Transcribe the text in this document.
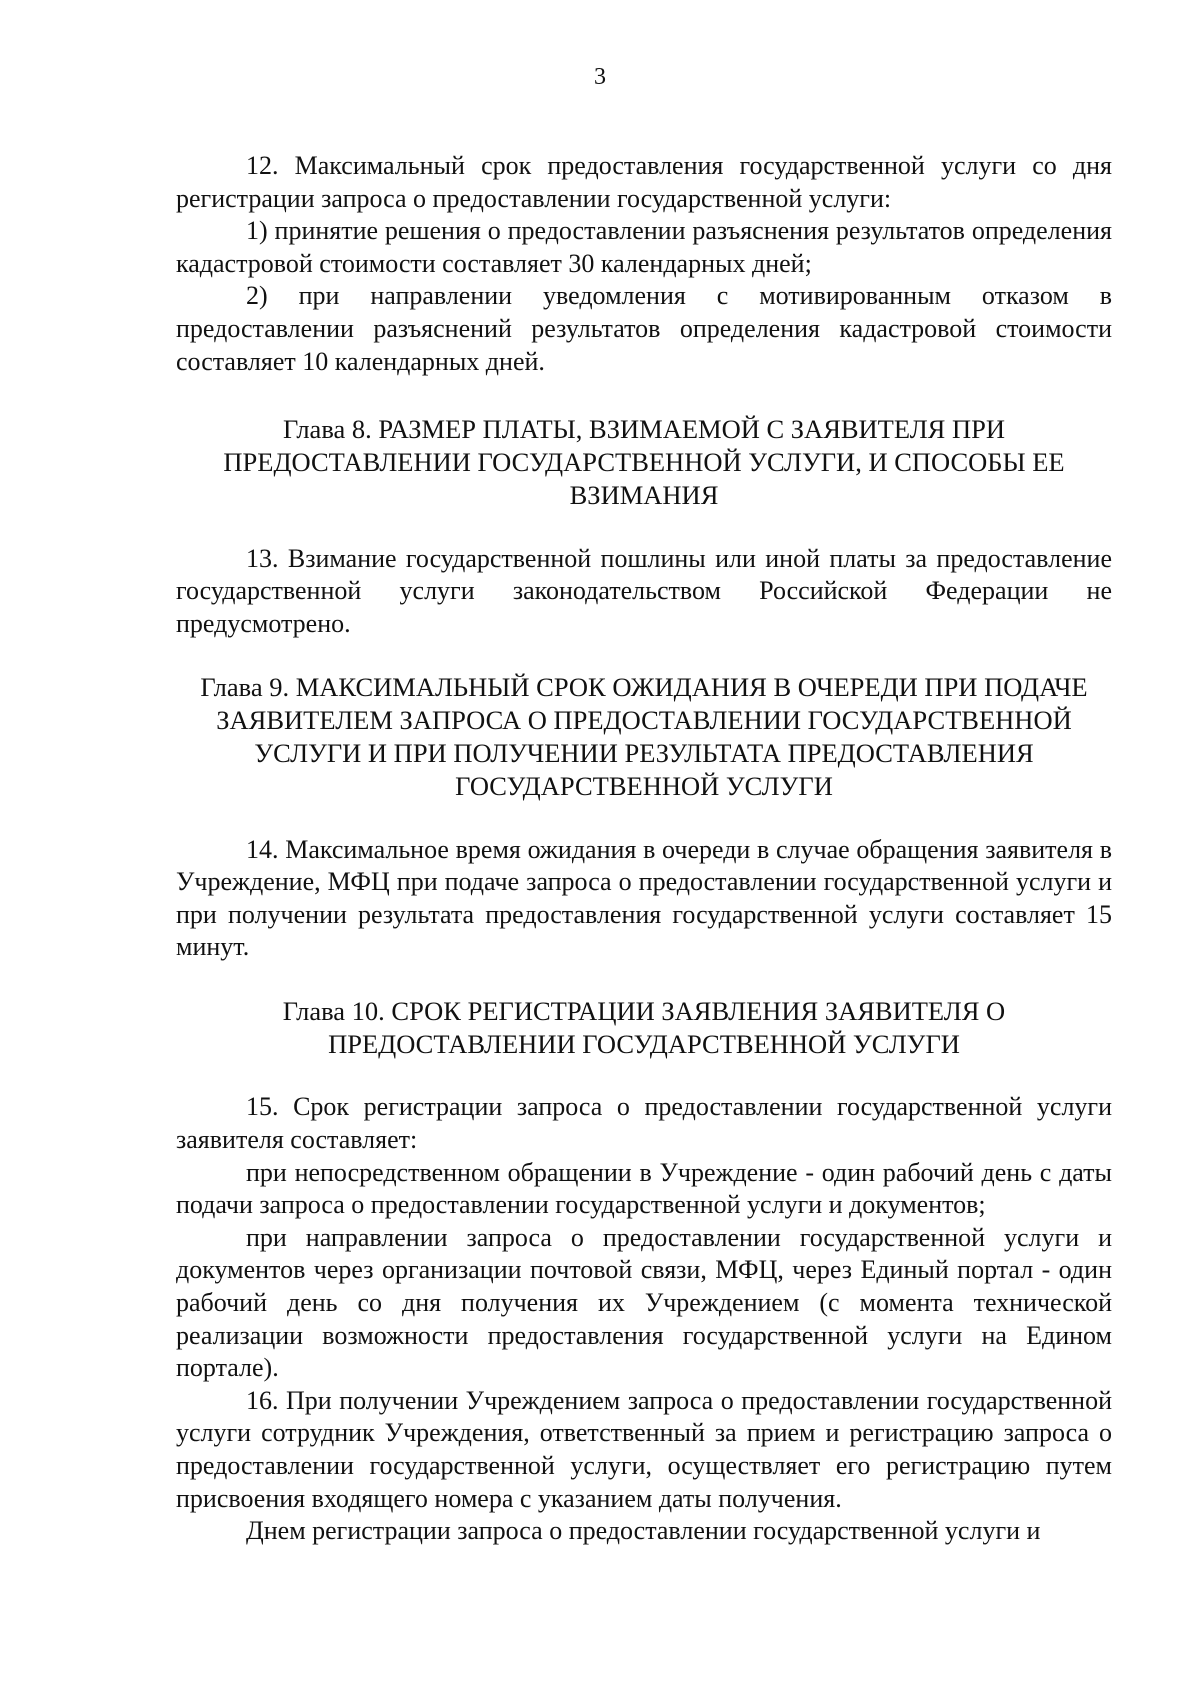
3

12. Максимальный срок предоставления государственной услуги со дня регистрации запроса о предоставлении государственной услуги:

1) принятие решения о предоставлении разъяснения результатов определения кадастровой стоимости составляет 30 календарных дней;

2) при направлении уведомления с мотивированным отказом в предоставлении разъяснений результатов определения кадастровой стоимости составляет 10 календарных дней.

Глава 8. РАЗМЕР ПЛАТЫ, ВЗИМАЕМОЙ С ЗАЯВИТЕЛЯ ПРИ ПРЕДОСТАВЛЕНИИ ГОСУДАРСТВЕННОЙ УСЛУГИ, И СПОСОБЫ ЕЕ ВЗИМАНИЯ

13. Взимание государственной пошлины или иной платы за предоставление государственной услуги законодательством Российской Федерации не предусмотрено.

Глава 9. МАКСИМАЛЬНЫЙ СРОК ОЖИДАНИЯ В ОЧЕРЕДИ ПРИ ПОДАЧЕ ЗАЯВИТЕЛЕМ ЗАПРОСА О ПРЕДОСТАВЛЕНИИ ГОСУДАРСТВЕННОЙ УСЛУГИ И ПРИ ПОЛУЧЕНИИ РЕЗУЛЬТАТА ПРЕДОСТАВЛЕНИЯ ГОСУДАРСТВЕННОЙ УСЛУГИ

14. Максимальное время ожидания в очереди в случае обращения заявителя в Учреждение, МФЦ при подаче запроса о предоставлении государственной услуги и при получении результата предоставления государственной услуги составляет 15 минут.

Глава 10. СРОК РЕГИСТРАЦИИ ЗАЯВЛЕНИЯ ЗАЯВИТЕЛЯ О ПРЕДОСТАВЛЕНИИ ГОСУДАРСТВЕННОЙ УСЛУГИ

15. Срок регистрации запроса о предоставлении государственной услуги заявителя составляет:

при непосредственном обращении в Учреждение - один рабочий день с даты подачи запроса о предоставлении государственной услуги и документов;

при направлении запроса о предоставлении государственной услуги и документов через организации почтовой связи, МФЦ, через Единый портал - один рабочий день со дня получения их Учреждением (с момента технической реализации возможности предоставления государственной услуги на Едином портале).

16. При получении Учреждением запроса о предоставлении государственной услуги сотрудник Учреждения, ответственный за прием и регистрацию запроса о предоставлении государственной услуги, осуществляет его регистрацию путем присвоения входящего номера с указанием даты получения.

Днем регистрации запроса о предоставлении государственной услуги и
